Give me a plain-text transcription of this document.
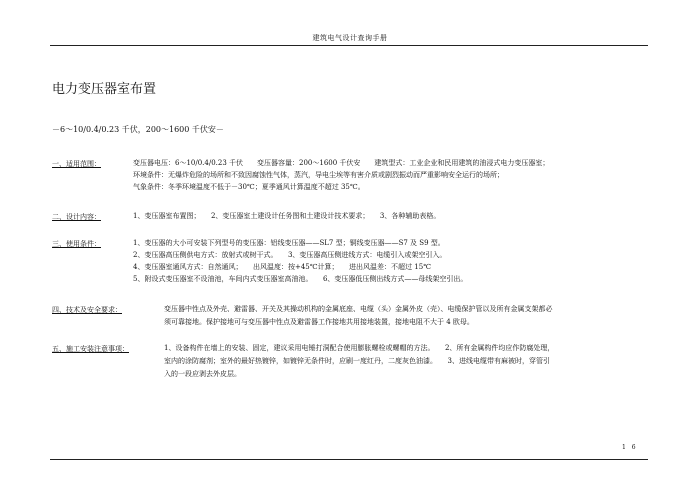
建筑电气设计查询手册
电力变压器室布置
－6～10/0.4/0.23 千伏，200～1600 千伏安－
一、适用范围：	变压器电压：6～10/0.4/0.23 千伏　　变压器容量：200～1600 千伏安　　建筑型式：工业企业和民用建筑的油浸式电力变压器室；
环境条件：无爆炸危险的场所和不致因腐蚀性气体，蒸汽，导电尘埃等有害介质或剧烈振动而严重影响安全运行的场所；
气象条件：冬季环境温度不低于－30℃；夏季通风计算温度不超过 35℃。
二、设计内容：	1、变压器室布置图；　　2、变压器室土建设计任务图和土建设计技术要求；　　3、各种辅助表格。
三、使用条件：	1、变压器的大小可安装下列型号的变压器：铝线变压器——SL7 型；铜线变压器——S7 及 S9 型。
2、变压器高压侧供电方式：放射式或树干式。　　3、变压器高压侧进线方式：电缆引入或架空引入。
4、变压器室通风方式：自然通风；　　出风温度：按+45℃计算；　　进出风温差：不超过 15℃
5、附设式变压器室不设油池，车间内式变压器室高油池。　　6、变压器低压侧出线方式——母线架空引出。
四、技术及安全要求：	变压器中性点及外壳、避雷器、开关及其操动机构的金属底座、电缆（头）金属外皮（壳）、电缆保护管以及所有金属支架都必
须可靠接地。保护接地可与变压器中性点及避雷器工作接地共用接地装置，接地电阻不大于 4 欧母。
五、施工安装注意事项：	1、设备构件在墙上的安装、固定，建议采用电锤打洞配合使用膨胀螺栓或螺帽的方法。　　2、所有金属构件均应作防腐处理，
室内的涂防腐剂；室外的最好热镀锌，如镀锌无条件时，应刷一度红丹，二度灰色油漆。　　3、进线电缆带有麻被时，穿管引
入的一段应剥去外皮层。
1 6
